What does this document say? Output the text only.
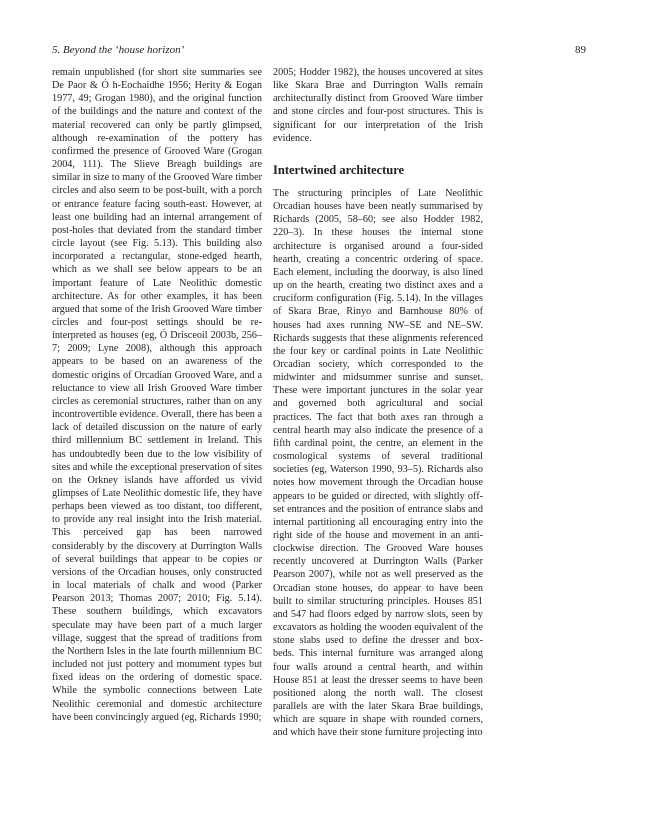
5. Beyond the ‘house horizon’	89

remain unpublished (for short site summaries see De Paor & Ó h-Eochaidhe 1956; Herity & Eogan 1977, 49; Grogan 1980), and the original function of the buildings and the nature and context of the material recovered can only be partly glimpsed, although re-examination of the pottery has confirmed the presence of Grooved Ware (Grogan 2004, 111). The Slieve Breagh buildings are similar in size to many of the Grooved Ware timber circles and also seem to be post-built, with a porch or entrance feature facing south-east. However, at least one building had an internal arrangement of post-holes that deviated from the standard timber circle layout (see Fig. 5.13). This building also incorporated a rectangular, stone-edged hearth, which as we shall see below appears to be an important feature of Late Neolithic domestic architecture. As for other examples, it has been argued that some of the Irish Grooved Ware timber circles and four-post settings should be re-interpreted as houses (eg, Ó Drisceoil 2003b, 256–7; 2009; Lyne 2008), although this approach appears to be based on an awareness of the domestic origins of Orcadian Grooved Ware, and a reluctance to view all Irish Grooved Ware timber circles as ceremonial structures, rather than on any incontrovertible evidence. Overall, there has been a lack of detailed discussion on the nature of early third millennium BC settlement in Ireland. This has undoubtedly been due to the low visibility of sites and while the exceptional preservation of sites on the Orkney islands have afforded us vivid glimpses of Late Neolithic domestic life, they have perhaps been viewed as too distant, too different, to provide any real insight into the Irish material. This perceived gap has been narrowed considerably by the discovery at Durrington Walls of several buildings that appear to be copies or versions of the Orcadian houses, only constructed in local materials of chalk and wood (Parker Pearson 2013; Thomas 2007; 2010; Fig. 5.14). These southern buildings, which excavators speculate may have been part of a much larger village, suggest that the spread of traditions from the Northern Isles in the late fourth millennium BC included not just pottery and monument types but fixed ideas on the ordering of domestic space. While the symbolic connections between Late Neolithic ceremonial and domestic architecture have been convincingly argued (eg, Richards 1990;

2005; Hodder 1982), the houses uncovered at sites like Skara Brae and Durrington Walls remain architecturally distinct from Grooved Ware timber and stone circles and four-post structures. This is significant for our interpretation of the Irish evidence.

Intertwined architecture

The structuring principles of Late Neolithic Orcadian houses have been neatly summarised by Richards (2005, 58–60; see also Hodder 1982, 220–3). In these houses the internal stone architecture is organised around a four-sided hearth, creating a concentric ordering of space. Each element, including the doorway, is also lined up on the hearth, creating two distinct axes and a cruciform configuration (Fig. 5.14). In the villages of Skara Brae, Rinyo and Barnhouse 80% of houses had axes running NW–SE and NE–SW. Richards suggests that these alignments referenced the four key or cardinal points in Late Neolithic Orcadian society, which corresponded to the midwinter and midsummer sunrise and sunset. These were important junctures in the solar year and governed both agricultural and social practices. The fact that both axes ran through a central hearth may also indicate the presence of a fifth cardinal point, the centre, an element in the cosmological systems of several traditional societies (eg, Waterson 1990, 93–5). Richards also notes how movement through the Orcadian house appears to be guided or directed, with slightly off-set entrances and the position of entrance slabs and internal partitioning all encouraging entry into the right side of the house and movement in an anti-clockwise direction. The Grooved Ware houses recently uncovered at Durrington Walls (Parker Pearson 2007), while not as well preserved as the Orcadian stone houses, do appear to have been built to similar structuring principles. Houses 851 and 547 had floors edged by narrow slots, seen by excavators as holding the wooden equivalent of the stone slabs used to define the dresser and box-beds. This internal furniture was arranged along four walls around a central hearth, and within House 851 at least the dresser seems to have been positioned along the north wall. The closest parallels are with the later Skara Brae buildings, which are square in shape with rounded corners, and which have their stone furniture projecting into
